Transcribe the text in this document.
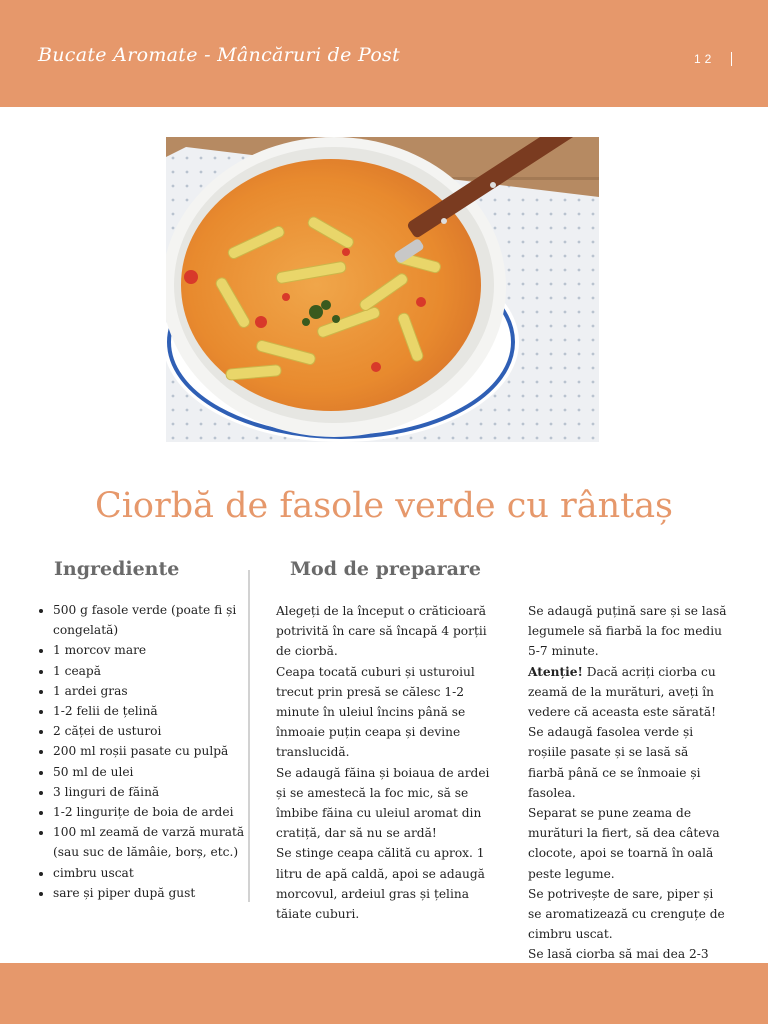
Bucate Aromate - Mâncăruri de Post	12
Ciorbă de fasole verde cu rântaș
Ingrediente	Mod de preparare
• 500 g fasole verde (poate fi și congelată)
• 1 morcov mare
• 1 ceapă
• 1 ardei gras
• 1-2 felii de țelină
• 2 căței de usturoi
• 200 ml roșii pasate cu pulpă
• 50 ml de ulei
• 3 linguri de făină
• 1-2 lingurițe de boia de ardei
• 100 ml zeamă de varză murată (sau suc de lămâie, borș, etc.)
• cimbru uscat
• sare și piper după gust

Alegeți de la început o crăticioară potrivită în care să încapă 4 porții de ciorbă.

Ceapa tocată cuburi și usturoiul trecut prin presă se călesc 1-2 minute în uleiul încins până se înmoaie puțin ceapa și devine translucidă.

Se adaugă făina și boiaua de ardei și se amestecă la foc mic, să se îmbibe făina cu uleiul aromat din cratiță, dar să nu se ardă!

Se stinge ceapa călită cu aprox. 1 litru de apă caldă, apoi se adaugă morcovul, ardeiul gras și țelina tăiate cuburi.

Se adaugă puțină sare și se lasă legumele să fiarbă la foc mediu 5-7 minute.

Atenție! Dacă acriți ciorba cu zeamă de la murături, aveți în vedere că aceasta este sărată!

Se adaugă fasolea verde și roșiile pasate și se lasă să fiarbă până ce se înmoaie și fasolea.

Separat se pune zeama de murături la fiert, să dea câteva clocote, apoi se toarnă în oală peste legume.

Se potrivește de sare, piper și se aromatizează cu crenguțe de cimbru uscat.

Se lasă ciorba să mai dea 2-3
